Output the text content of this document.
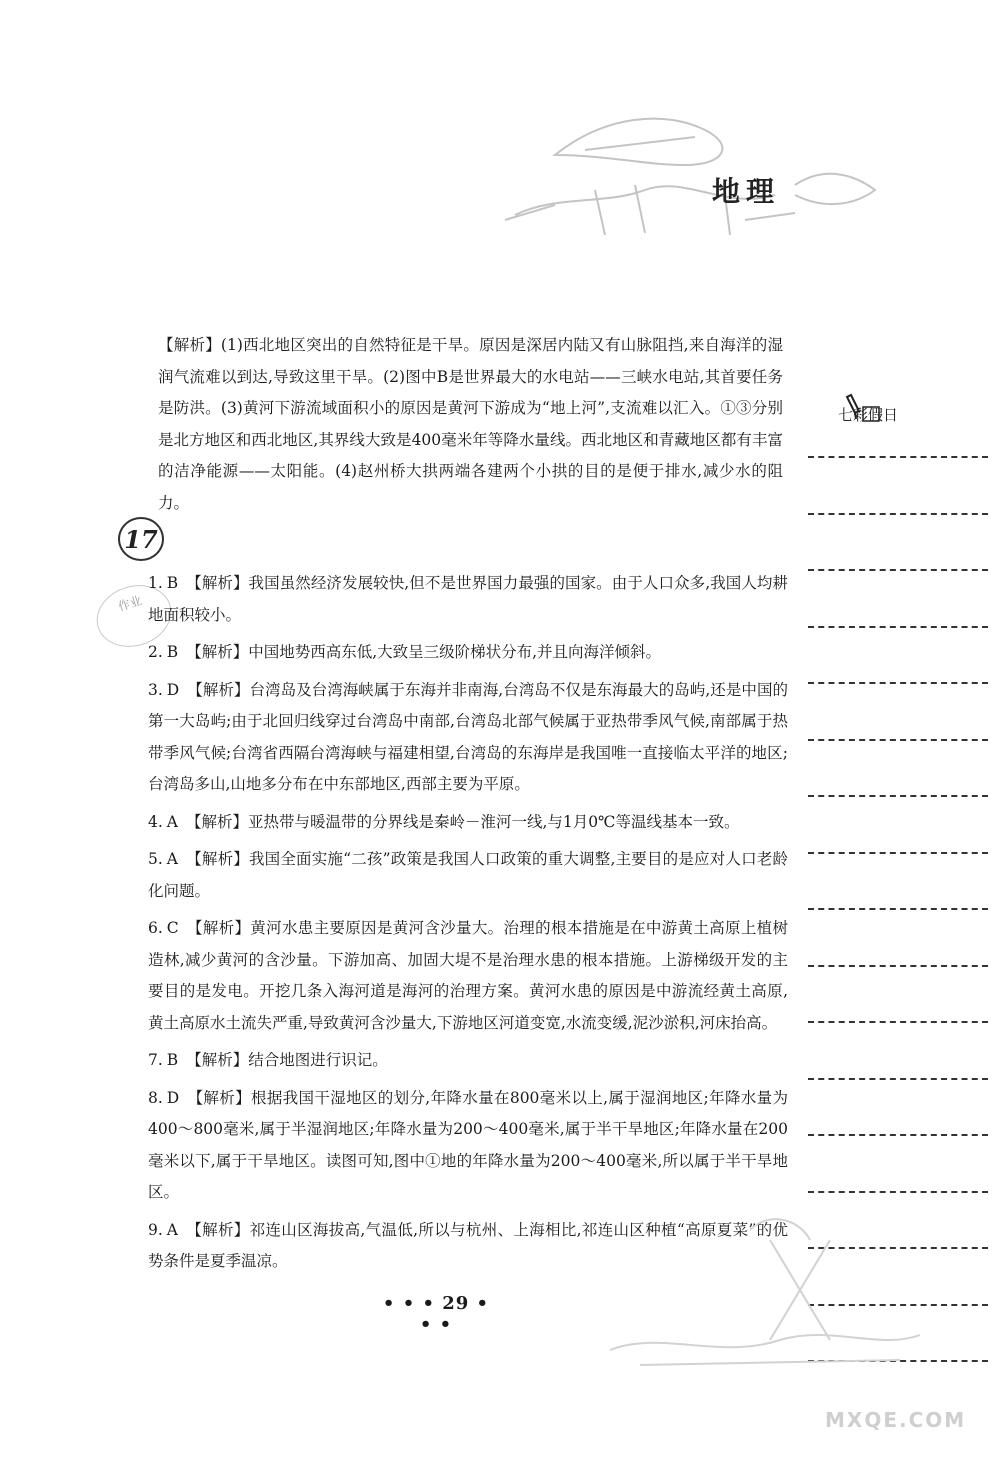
地理

【解析】(1)西北地区突出的自然特征是干旱。原因是深居内陆又有山脉阻挡,来自海洋的湿润气流难以到达,导致这里干旱。(2)图中B是世界最大的水电站——三峡水电站,其首要任务是防洪。(3)黄河下游流域面积小的原因是黄河下游成为“地上河”,支流难以汇入。①③分别是北方地区和西北地区,其界线大致是400毫米年等降水量线。西北地区和青藏地区都有丰富的洁净能源——太阳能。(4)赵州桥大拱两端各建两个小拱的目的是便于排水,减少水的阻力。

17
作业

1. B 【解析】我国虽然经济发展较快,但不是世界国力最强的国家。由于人口众多,我国人均耕地面积较小。

2. B 【解析】中国地势西高东低,大致呈三级阶梯状分布,并且向海洋倾斜。

3. D 【解析】台湾岛及台湾海峡属于东海并非南海,台湾岛不仅是东海最大的岛屿,还是中国的第一大岛屿;由于北回归线穿过台湾岛中南部,台湾岛北部气候属于亚热带季风气候,南部属于热带季风气候;台湾省西隔台湾海峡与福建相望,台湾岛的东海岸是我国唯一直接临太平洋的地区;台湾岛多山,山地多分布在中东部地区,西部主要为平原。

4. A 【解析】亚热带与暖温带的分界线是秦岭－淮河一线,与1月0℃等温线基本一致。

5. A 【解析】我国全面实施“二孩”政策是我国人口政策的重大调整,主要目的是应对人口老龄化问题。

6. C 【解析】黄河水患主要原因是黄河含沙量大。治理的根本措施是在中游黄土高原上植树造林,减少黄河的含沙量。下游加高、加固大堤不是治理水患的根本措施。上游梯级开发的主要目的是发电。开挖几条入海河道是海河的治理方案。黄河水患的原因是中游流经黄土高原,黄土高原水土流失严重,导致黄河含沙量大,下游地区河道变宽,水流变缓,泥沙淤积,河床抬高。

7. B 【解析】结合地图进行识记。

8. D 【解析】根据我国干湿地区的划分,年降水量在800毫米以上,属于湿润地区;年降水量为400～800毫米,属于半湿润地区;年降水量为200～400毫米,属于半干旱地区;年降水量在200毫米以下,属于干旱地区。读图可知,图中①地的年降水量为200～400毫米,所以属于半干旱地区。

9. A 【解析】祁连山区海拔高,气温低,所以与杭州、上海相比,祁连山区种植“高原夏菜”的优势条件是夏季温凉。

• • • 29 • • •
七彩假日
MXQE.COM
